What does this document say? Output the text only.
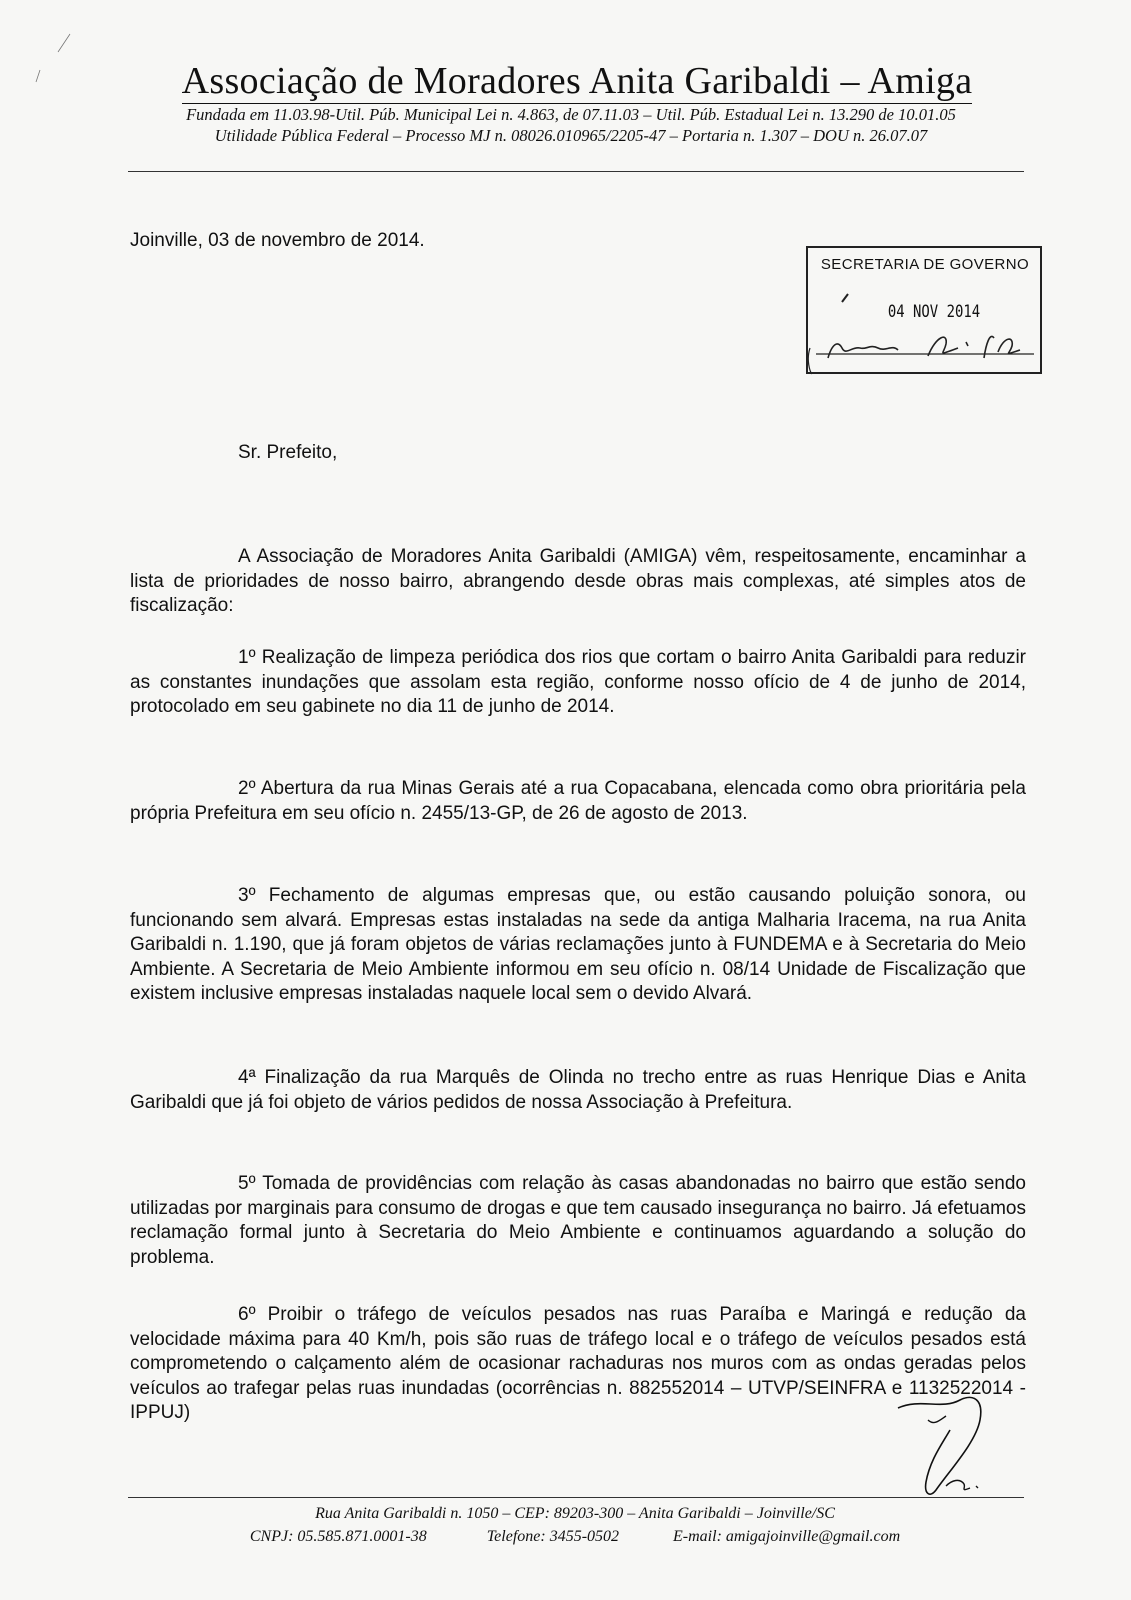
Associação de Moradores Anita Garibaldi – Amiga
Fundada em 11.03.98-Util. Púb. Municipal Lei n. 4.863, de 07.11.03 – Util. Púb. Estadual Lei n. 13.290 de 10.01.05
Utilidade Pública Federal – Processo MJ n. 08026.010965/2205-47 – Portaria n. 1.307 – DOU n. 26.07.07
Joinville, 03 de novembro de 2014.
SECRETARIA DE GOVERNO
04 NOV 2014
Sr. Prefeito,
A Associação de Moradores Anita Garibaldi (AMIGA) vêm, respeitosamente, encaminhar a lista de prioridades de nosso bairro, abrangendo desde obras mais complexas, até simples atos de fiscalização:
1º Realização de limpeza periódica dos rios que cortam o bairro Anita Garibaldi para reduzir as constantes inundações que assolam esta região, conforme nosso ofício de 4 de junho de 2014, protocolado em seu gabinete no dia 11 de junho de 2014.
2º Abertura da rua Minas Gerais até a rua Copacabana, elencada como obra prioritária pela própria Prefeitura em seu ofício n. 2455/13-GP, de 26 de agosto de 2013.
3º Fechamento de algumas empresas que, ou estão causando poluição sonora, ou funcionando sem alvará. Empresas estas instaladas na sede da antiga Malharia Iracema, na rua Anita Garibaldi n. 1.190, que já foram objetos de várias reclamações junto à FUNDEMA e à Secretaria do Meio Ambiente. A Secretaria de Meio Ambiente informou em seu ofício n. 08/14 Unidade de Fiscalização que existem inclusive empresas instaladas naquele local sem o devido Alvará.
4ª Finalização da rua Marquês de Olinda no trecho entre as ruas Henrique Dias e Anita Garibaldi que já foi objeto de vários pedidos de nossa Associação à Prefeitura.
5º Tomada de providências com relação às casas abandonadas no bairro que estão sendo utilizadas por marginais para consumo de drogas e que tem causado insegurança no bairro. Já efetuamos reclamação formal junto à Secretaria do Meio Ambiente e continuamos aguardando a solução do problema.
6º Proibir o tráfego de veículos pesados nas ruas Paraíba e Maringá e redução da velocidade máxima para 40 Km/h, pois são ruas de tráfego local e o tráfego de veículos pesados está comprometendo o calçamento além de ocasionar rachaduras nos muros com as ondas geradas pelos veículos ao trafegar pelas ruas inundadas (ocorrências n. 882552014 – UTVP/SEINFRA e 1132522014 - IPPUJ)
Rua Anita Garibaldi n. 1050 – CEP: 89203-300 – Anita Garibaldi – Joinville/SC
CNPJ: 05.585.871.0001-38	Telefone: 3455-0502	E-mail: amigajoinville@gmail.com
